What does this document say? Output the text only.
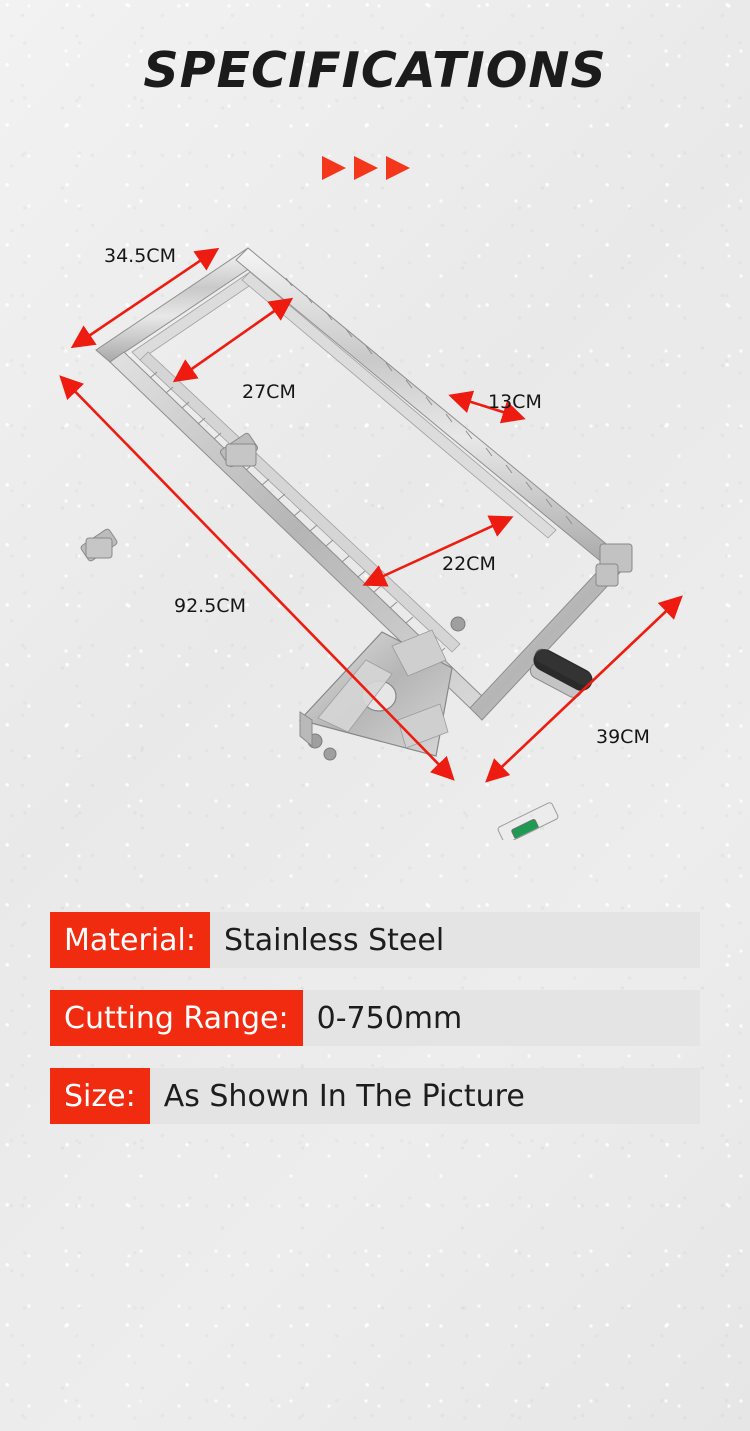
SPECIFICATIONS
34.5CM
27CM	13CM
22CM
92.5CM
39CM
Material: Stainless Steel
Cutting Range: 0-750mm
Size: As Shown In The Picture
